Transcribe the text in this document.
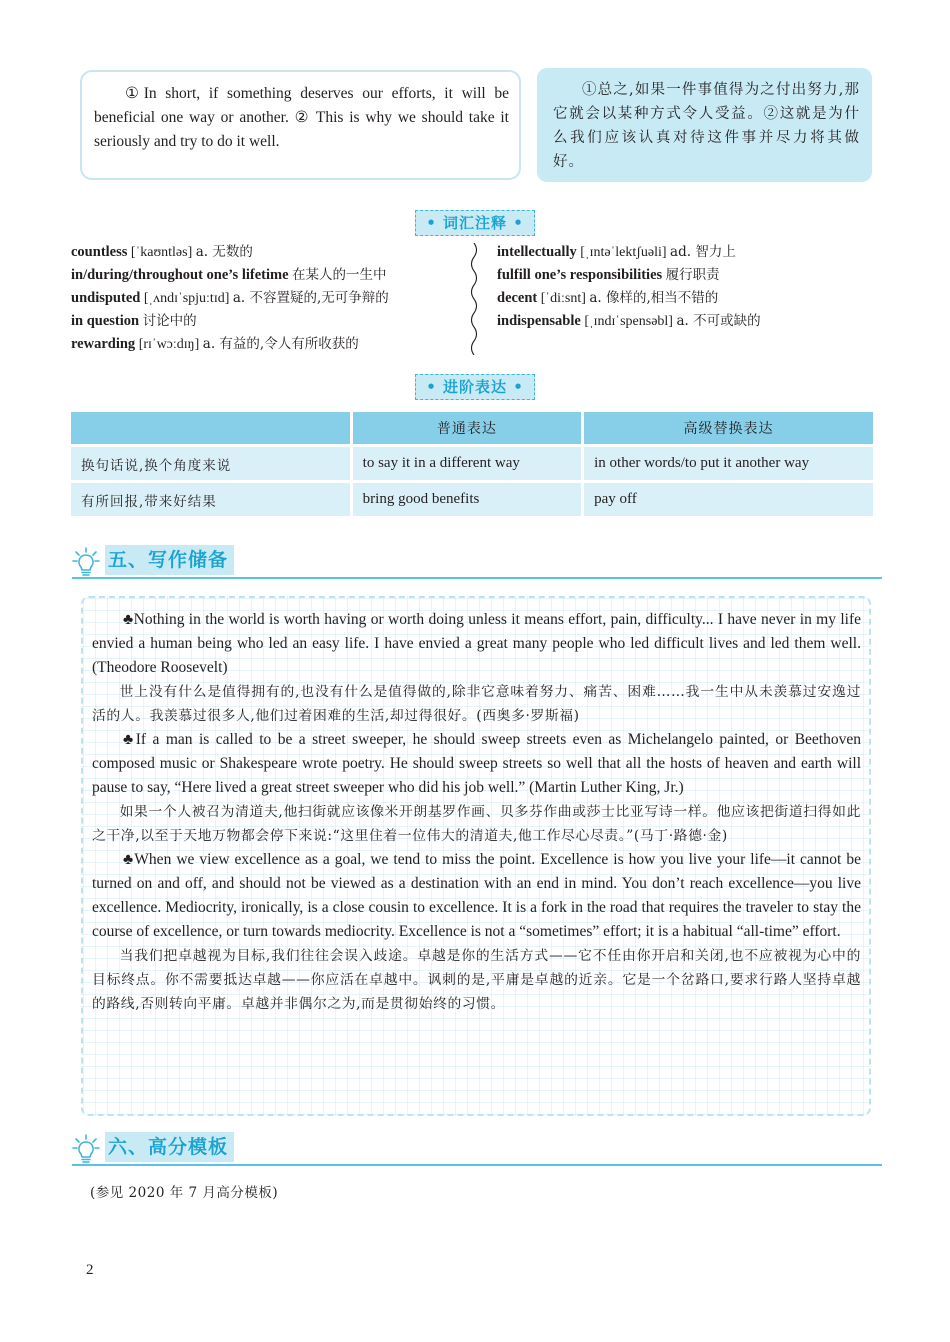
①In short, if something deserves our efforts, it will be beneficial one way or another. ② This is why we should take it seriously and try to do it well.

①总之,如果一件事值得为之付出努力,那它就会以某种方式令人受益。②这就是为什么我们应该认真对待这件事并尽力将其做好。

• 词汇注释 •
countless [ˈkaʊntləs] a. 无数的
in/during/throughout one’s lifetime 在某人的一生中
undisputed [ˌʌndɪˈspjuːtɪd] a. 不容置疑的,无可争辩的
in question 讨论中的
rewarding [rɪˈwɔːdɪŋ] a. 有益的,令人有所收获的
intellectually [ˌɪntəˈlektʃuəli] ad. 智力上
fulfill one’s responsibilities 履行职责
decent [ˈdiːsnt] a. 像样的,相当不错的
indispensable [ˌɪndɪˈspensəbl] a. 不可或缺的
• 进阶表达 •
	普通表达	高级替换表达
换句话说,换个角度来说	to say it in a different way	in other words/to put it another way
有所回报,带来好结果	bring good benefits	pay off
五、写作储备

♣Nothing in the world is worth having or worth doing unless it means effort, pain, difficulty... I have never in my life envied a human being who led an easy life. I have envied a great many people who led difficult lives and led them well. (Theodore Roosevelt)

世上没有什么是值得拥有的,也没有什么是值得做的,除非它意味着努力、痛苦、困难……我一生中从未羡慕过安逸过活的人。我羡慕过很多人,他们过着困难的生活,却过得很好。(西奥多·罗斯福)

♣If a man is called to be a street sweeper, he should sweep streets even as Michelangelo painted, or Beethoven composed music or Shakespeare wrote poetry. He should sweep streets so well that all the hosts of heaven and earth will pause to say, “Here lived a great street sweeper who did his job well.” (Martin Luther King, Jr.)

如果一个人被召为清道夫,他扫街就应该像米开朗基罗作画、贝多芬作曲或莎士比亚写诗一样。他应该把街道扫得如此之干净,以至于天地万物都会停下来说:“这里住着一位伟大的清道夫,他工作尽心尽责。”(马丁·路德·金)

♣When we view excellence as a goal, we tend to miss the point. Excellence is how you live your life—it cannot be turned on and off, and should not be viewed as a destination with an end in mind. You don’t reach excellence—you live excellence. Mediocrity, ironically, is a close cousin to excellence. It is a fork in the road that requires the traveler to stay the course of excellence, or turn towards mediocrity. Excellence is not a “sometimes” effort; it is a habitual “all-time” effort.

当我们把卓越视为目标,我们往往会误入歧途。卓越是你的生活方式——它不任由你开启和关闭,也不应被视为心中的目标终点。你不需要抵达卓越——你应活在卓越中。讽刺的是,平庸是卓越的近亲。它是一个岔路口,要求行路人坚持卓越的路线,否则转向平庸。卓越并非偶尔之为,而是贯彻始终的习惯。

六、高分模板
(参见 2020 年 7 月高分模板)
2
